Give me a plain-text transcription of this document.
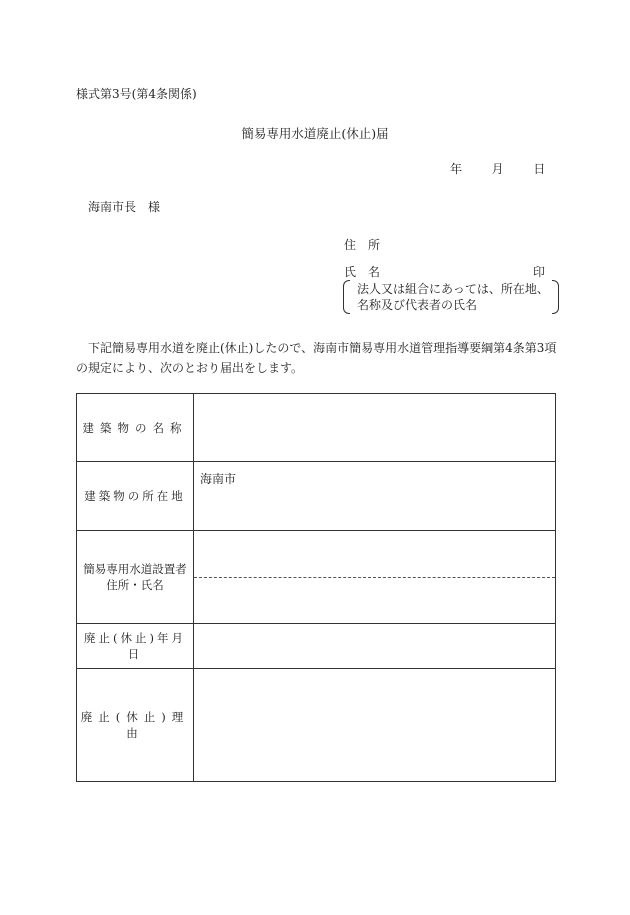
様式第3号(第4条関係)
簡易専用水道廃止(休止)届
年 月 日
海南市長　様
住　所
氏　名	印
法人又は組合にあっては、所在地、
名称及び代表者の氏名
下記簡易専用水道を廃止(休止)したので、海南市簡易専用水道管理指導要綱第4条第3項の規定により、次のとおり届出をします。
建築物の名称	
建築物の所在地	海南市

簡易専用水道設置者
住所・氏名	

廃止(休止)年月日	
廃止(休止)理由	
